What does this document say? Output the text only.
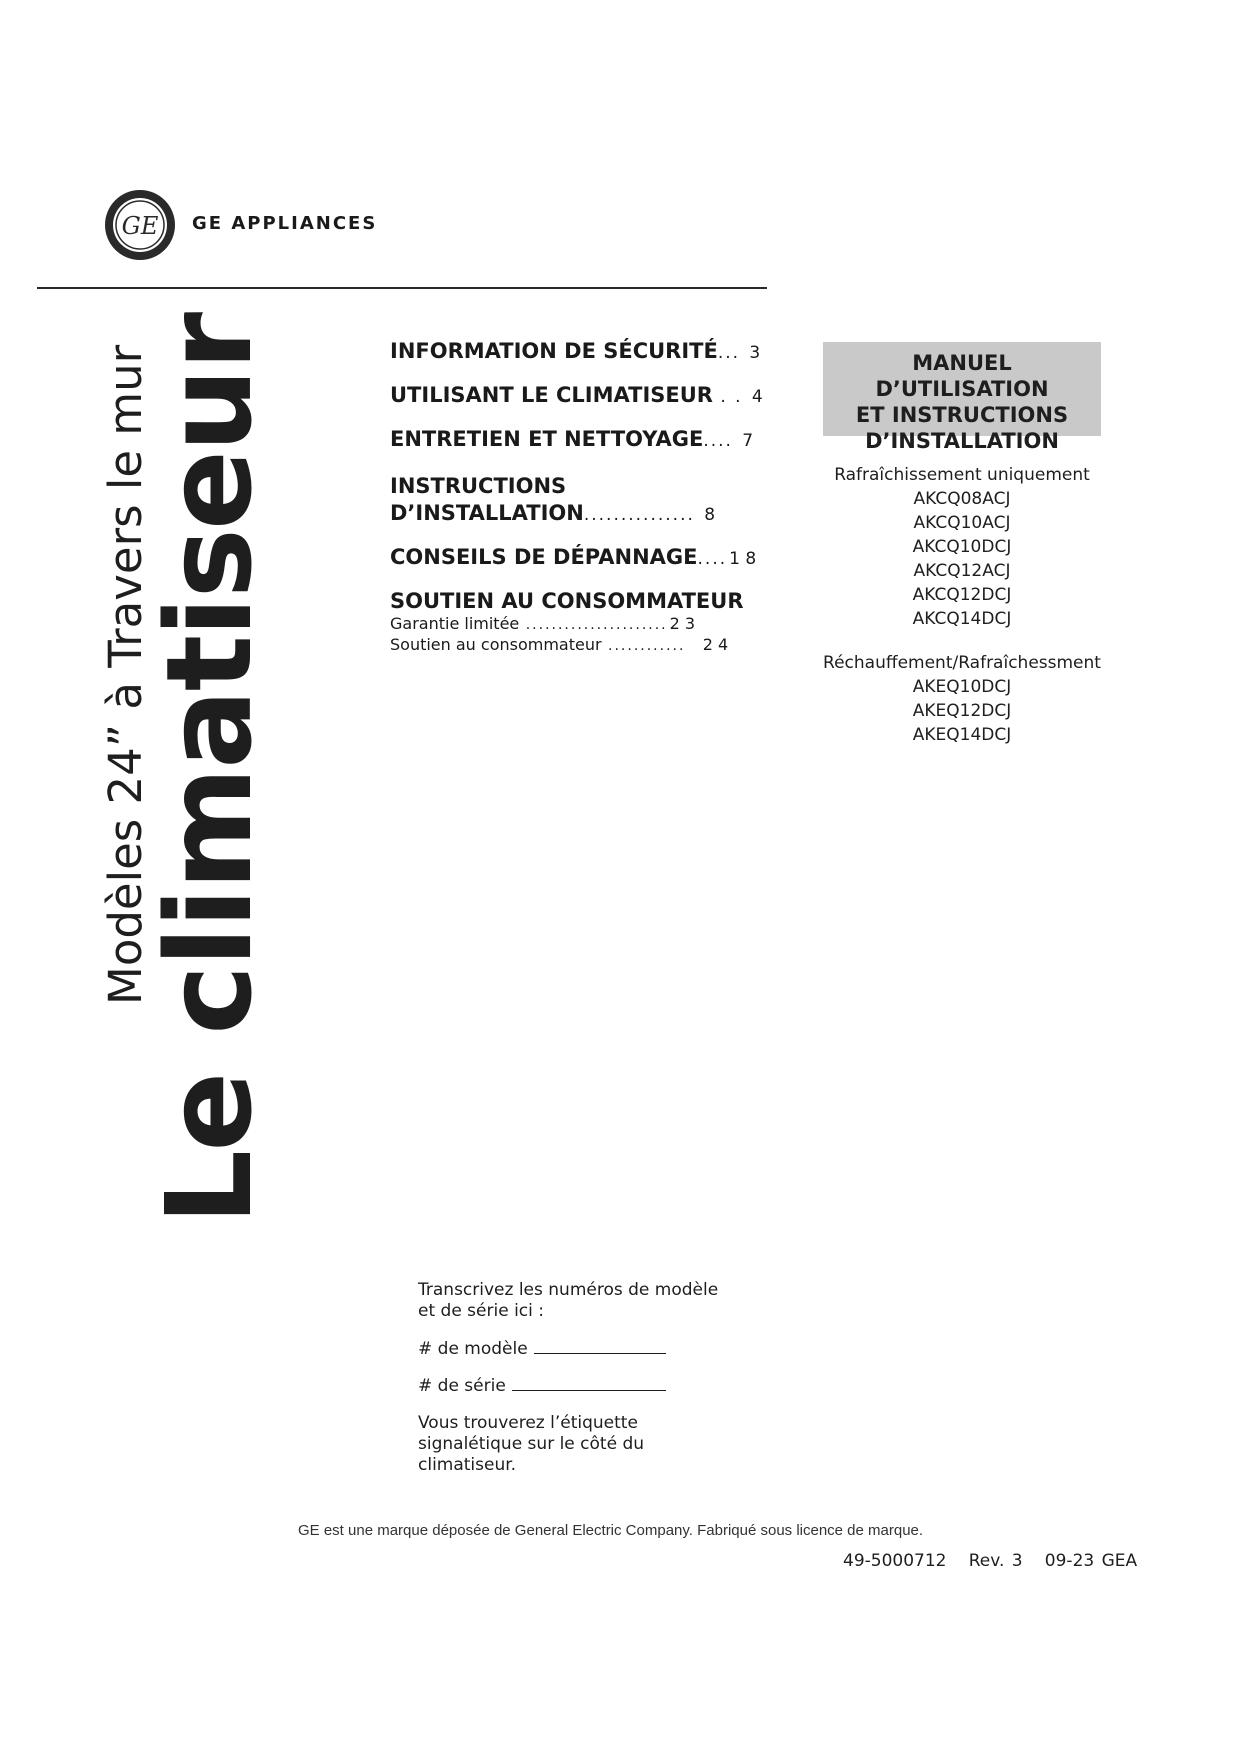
GE GE APPLIANCES
Modèles 24” à Travers le mur
Le climatiseur	INFORMATION DE SÉCURITÉ... 3
UTILISANT LE CLIMATISEUR . . 4
ENTRETIEN ET NETTOYAGE.... 7
INSTRUCTIONS
D’INSTALLATION............... 8
CONSEILS DE DÉPANNAGE.... 1 8
SOUTIEN AU CONSOMMATEUR
Garantie limitée ...................... 2 3
Soutien au consommateur ............ 2 4
MANUEL D’UTILISATION
ET INSTRUCTIONS
D’INSTALLATION
Rafraîchissement uniquement
AKCQ08ACJ
AKCQ10ACJ
AKCQ10DCJ
AKCQ12ACJ
AKCQ12DCJ
AKCQ14DCJ
Réchauffement/Rafraîchessment
AKEQ10DCJ
AKEQ12DCJ
AKEQ14DCJ
Transcrivez les numéros de modèle
et de série ici :
# de modèle
# de série
Vous trouverez l’étiquette
signalétique sur le côté du
climatiseur.
GE est une marque déposée de General Electric Company. Fabriqué sous licence de marque.
49-5000712 Rev. 3 09-23 GEA
